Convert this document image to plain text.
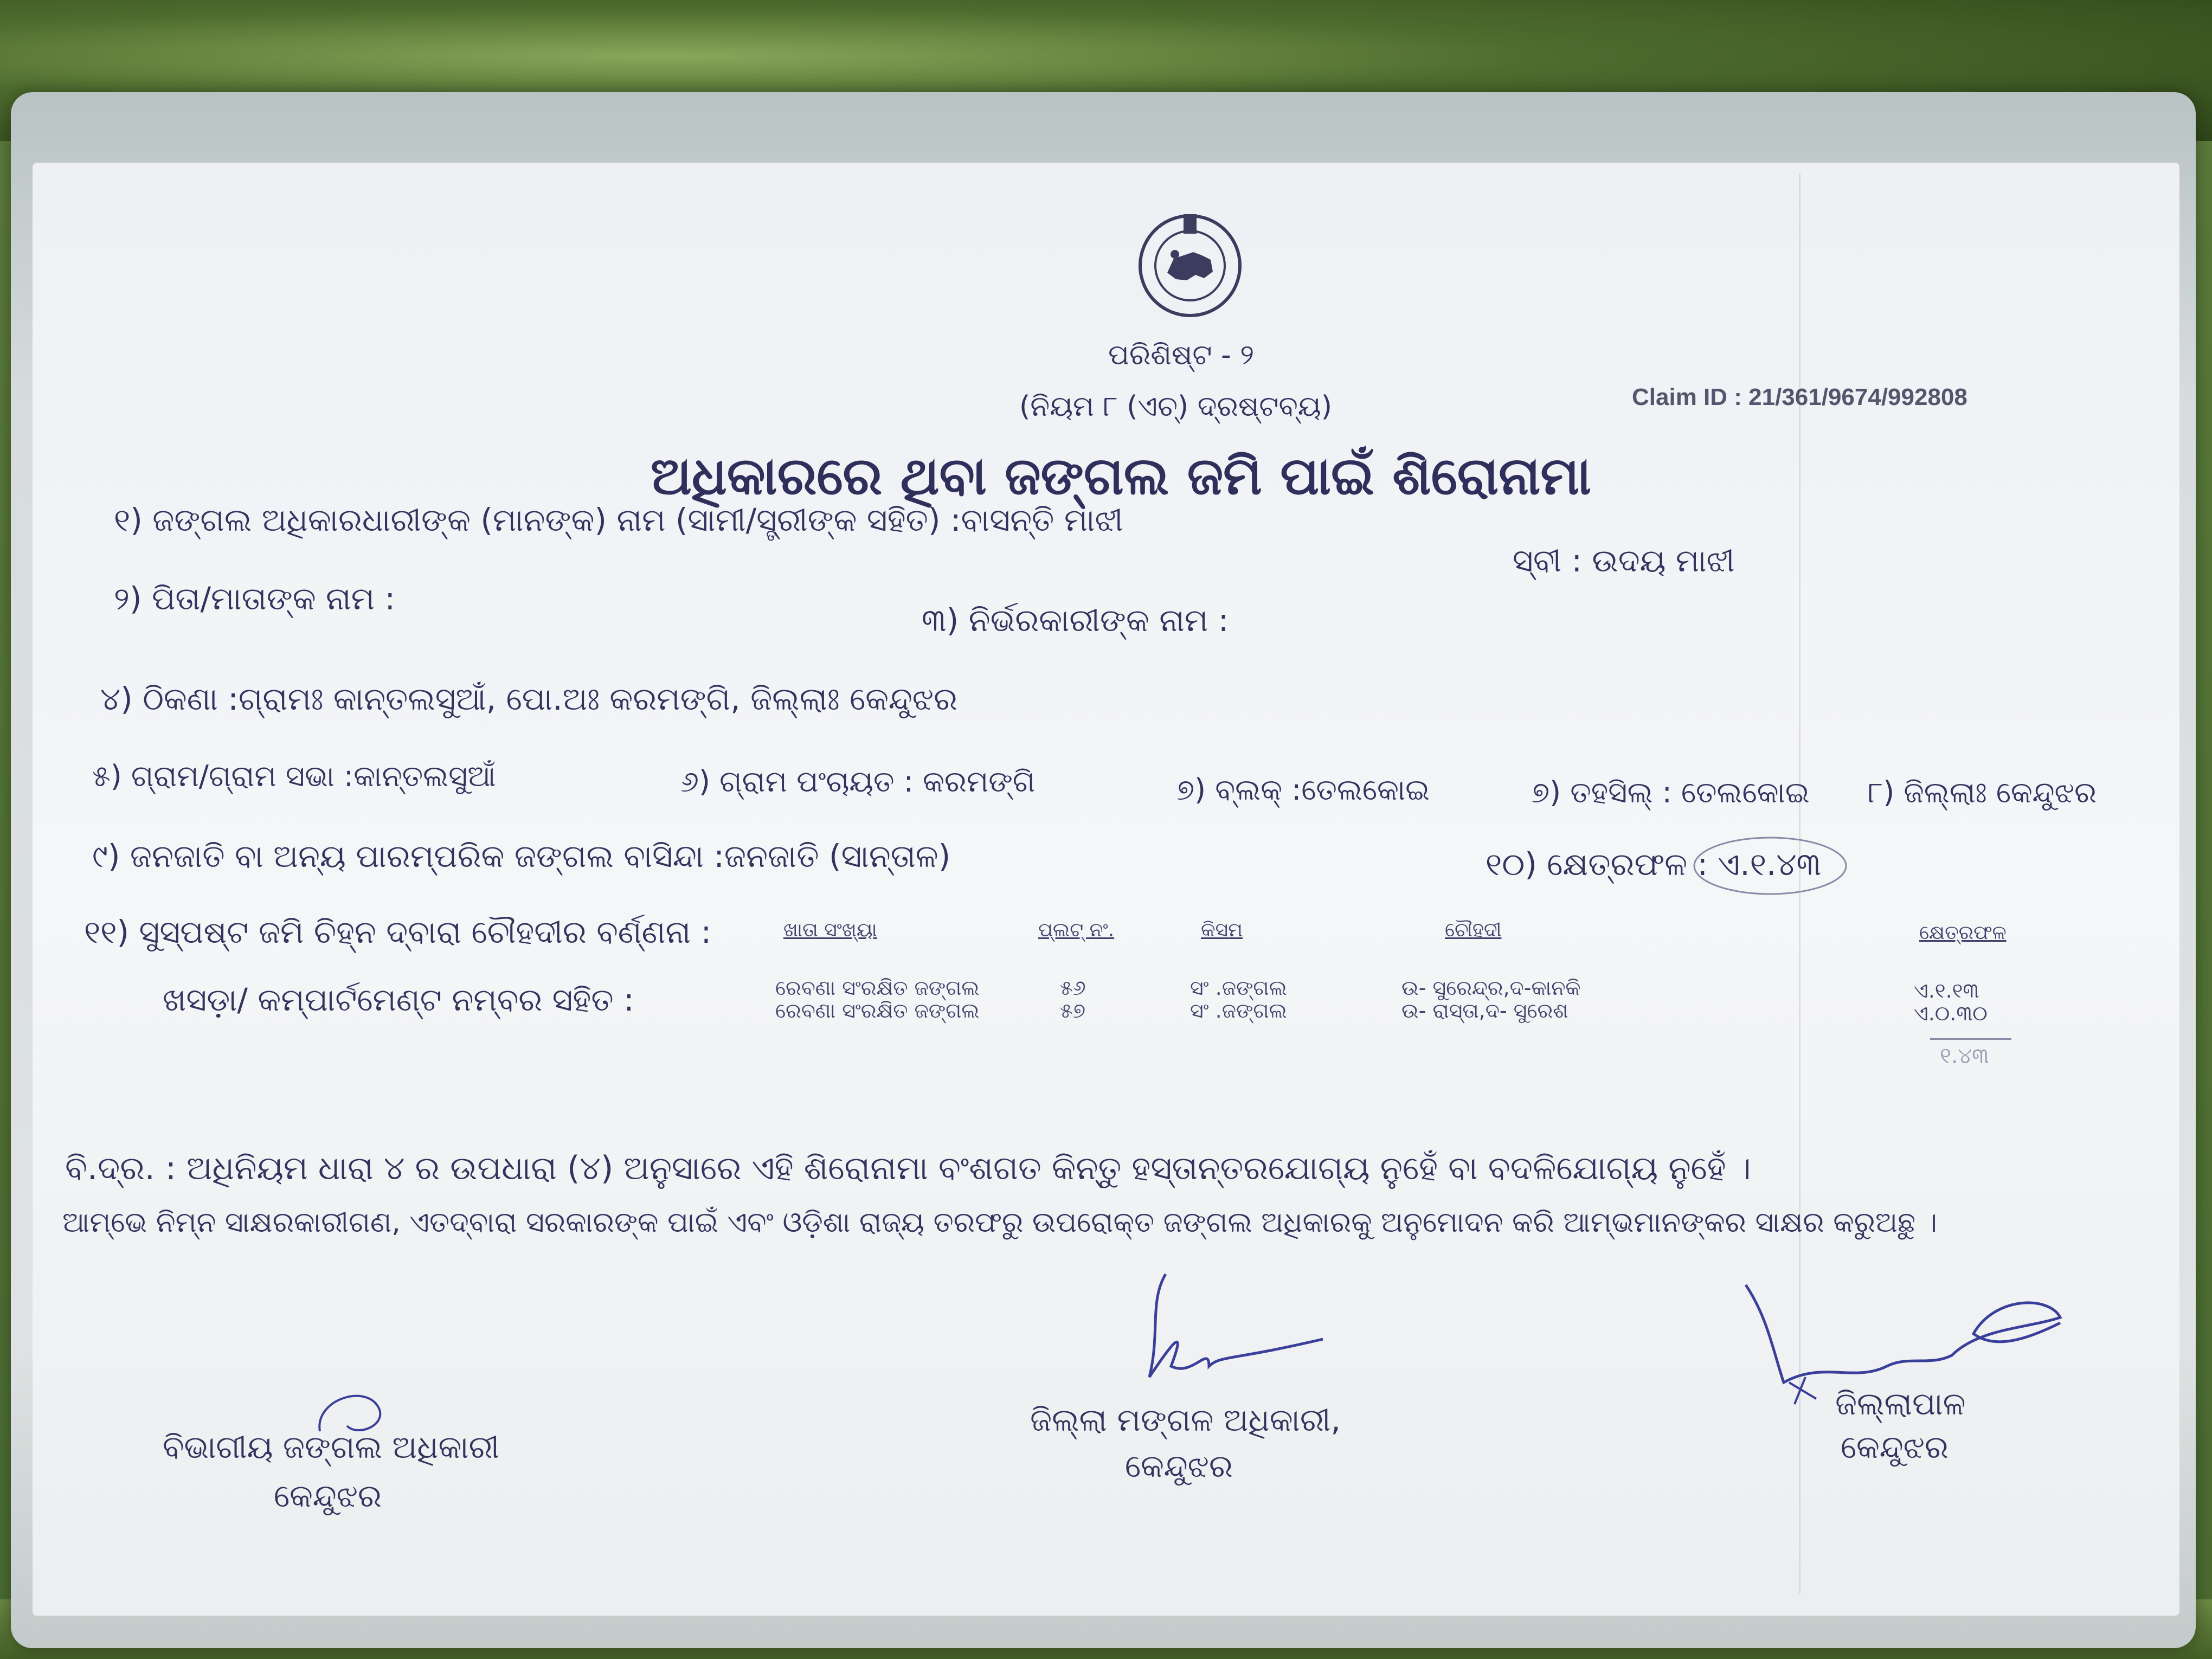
ପରିଶିଷ୍ଟ - ୨
(ନିୟମ ୮ (ଏଚ୍) ଦ୍ରଷ୍ଟବ୍ୟ)	Claim ID : 21/361/9674/992808
ଅଧିକାରରେ ଥିବା ଜଙ୍ଗଲ ଜମି ପାଇଁ ଶିରୋନାମା
୧) ଜଙ୍ଗଲ ଅଧିକାରଧାରୀଙ୍କ (ମାନଙ୍କ) ନାମ (ସାମୀ/ସ୍ତ୍ରୀଙ୍କ ସହିତ) :ବାସନ୍ତି ମାଝୀ
ସ୍ବୀ : ଉଦୟ ମାଝୀ
୨) ପିତା/ମାତାଙ୍କ ନାମ :
୩) ନିର୍ଭରକାରୀଙ୍କ ନାମ :
୪) ଠିକଣା :ଗ୍ରାମଃ କାନ୍ତଲସୁଆଁ, ପୋ.ଅଃ କରମଙ୍ଗି, ଜିଲ୍ଲାଃ କେନ୍ଦୁଝର
୫) ଗ୍ରାମ/ଗ୍ରାମ ସଭା :କାନ୍ତଲସୁଆଁ	୬) ଗ୍ରାମ ପଂଚାୟତ : କରମଙ୍ଗି	୭) ବ୍ଲକ୍ :ତେଲକୋଇ	୭) ତହସିଲ୍ : ତେଲକୋଇ ୮) ଜିଲ୍ଲାଃ କେନ୍ଦୁଝର
୯) ଜନଜାତି ବା ଅନ୍ୟ ପାରମ୍ପରିକ ଜଙ୍ଗଲ ବାସିନ୍ଦା :ଜନଜାତି (ସାନ୍ତାଳ)	୧୦) କ୍ଷେତ୍ରଫଳ : ଏ.୧.୪୩
୧୧) ସୁସ୍ପଷ୍ଟ ଜମି ଚିହ୍ନ ଦ୍ବାରା ଚୌହଦୀର ବର୍ଣ୍ଣନା :
ଖସଡ଼ା/ କମ୍ପାର୍ଟମେଣ୍ଟ ନମ୍ବର ସହିତ :
ଖାତା ସଂଖ୍ୟା	ପ୍ଲଟ୍ ନଂ.	କିସମ	ଚୌହଦୀ	କ୍ଷେତ୍ରଫଳ
ରେବଣା ସଂରକ୍ଷିତ ଜଙ୍ଗଲ	୫୬	ସଂ .ଜଙ୍ଗଲ	ଉ- ସୁରେନ୍ଦ୍ର,ଦ-କାନକି	ଏ.୧.୧୩
ରେବଣା ସଂରକ୍ଷିତ ଜଙ୍ଗଲ	୫୭	ସଂ .ଜଙ୍ଗଲ	ଉ- ରାସ୍ତା,ଦ- ସୁରେଶ	ଏ.୦.୩୦
୧.୪୩
ବି.ଦ୍ର. : ଅଧିନିୟମ ଧାରା ୪ ର ଉପଧାରା (୪) ଅନୁସାରେ ଏହି ଶିରୋନାମା ବଂଶଗତ କିନ୍ତୁ ହସ୍ତାନ୍ତରଯୋଗ୍ୟ ନୁହେଁ ବା ବଦଳିଯୋଗ୍ୟ ନୁହେଁ ।
ଆମ୍ଭେ ନିମ୍ନ ସାକ୍ଷରକାରୀଗଣ, ଏତଦ୍ବାରା ସରକାରଙ୍କ ପାଇଁ ଏବଂ ଓଡ଼ିଶା ରାଜ୍ୟ ତରଫରୁ ଉପରୋକ୍ତ ଜଙ୍ଗଲ ଅଧିକାରକୁ ଅନୁମୋଦନ କରି ଆମ୍ଭମାନଙ୍କର ସାକ୍ଷର କରୁଅଛୁ ।
ବିଭାଗୀୟ ଜଙ୍ଗଲ ଅଧିକାରୀ
କେନ୍ଦୁଝର
ଜିଲ୍ଲା ମଙ୍ଗଳ ଅଧିକାରୀ,
କେନ୍ଦୁଝର
ଜିଲ୍ଲାପାଳ
କେନ୍ଦୁଝର
